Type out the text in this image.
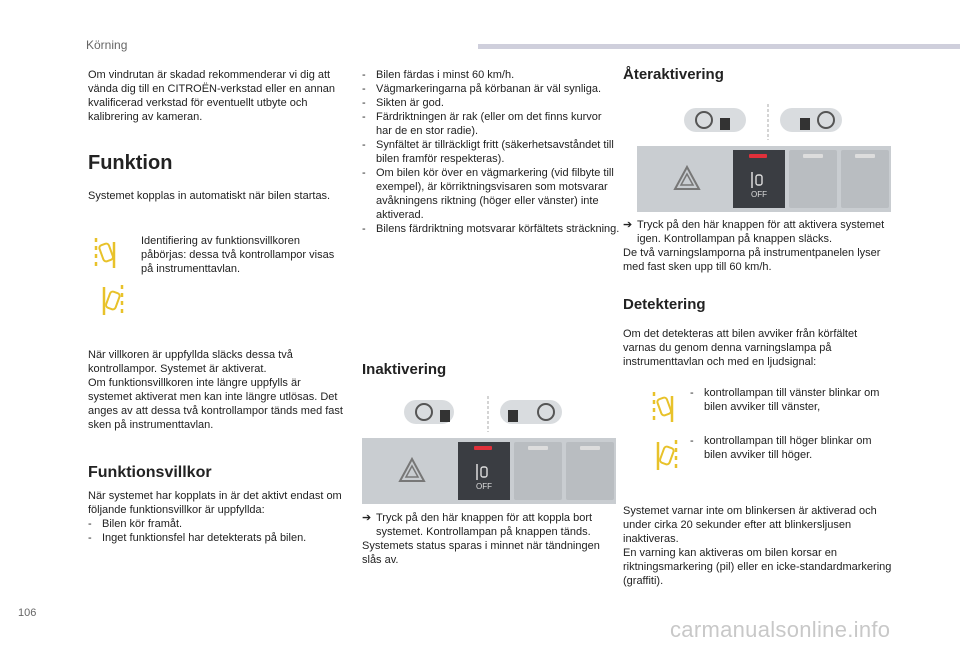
Körning

Om vindrutan är skadad rekommenderar vi dig att vända dig till en CITROËN-verkstad eller en annan kvalificerad verkstad för eventuellt utbyte och kalibrering av kameran.

Funktion

Systemet kopplas in automatiskt när bilen startas.

Identifiering av funktionsvillkoren påbörjas: dessa två kontrollampor visas på instrumenttavlan.

När villkoren är uppfyllda släcks dessa två kontrollampor. Systemet är aktiverat.
Om funktionsvillkoren inte längre uppfylls är systemet aktiverat men kan inte längre utlösas. Det anges av att dessa två kontrollampor tänds med fast sken på instrumenttavlan.

Funktionsvillkor

När systemet har kopplats in är det aktivt endast om följande funktionsvillkor är uppfyllda:

- Bilen kör framåt.
- Inget funktionsfel har detekterats på bilen.
- Bilen färdas i minst 60 km/h.
- Vägmarkeringarna på körbanan är väl synliga.
- Sikten är god.
- Färdriktningen är rak (eller om det finns kurvor har de en stor radie).
- Synfältet är tillräckligt fritt (säkerhetsavståndet till bilen framför respekteras).
- Om bilen kör över en vägmarkering (vid filbyte till exempel), är körriktningsvisaren som motsvarar avåkningens riktning (höger eller vänster) inte aktiverad.
- Bilens färdriktning motsvarar körfältets sträckning.
Inaktivering
OFF
➔ Tryck på den här knappen för att koppla bort systemet. Kontrollampan på knappen tänds.

Systemets status sparas i minnet när tändningen slås av.

Återaktivering
OFF
➔ Tryck på den här knappen för att aktivera systemet igen. Kontrollampan på knappen släcks.

De två varningslamporna på instrumentpanelen lyser med fast sken upp till 60 km/h.

Detektering

Om det detekteras att bilen avviker från körfältet varnas du genom denna varningslampa på instrumenttavlan och med en ljudsignal:

- kontrollampan till vänster blinkar om bilen avviker till vänster,
- kontrollampan till höger blinkar om bilen avviker till höger.

Systemet varnar inte om blinkersen är aktiverad och under cirka 20 sekunder efter att blinkersljusen inaktiveras.
En varning kan aktiveras om bilen korsar en riktningsmarkering (pil) eller en icke-standardmarkering (graffiti).

106
carmanualsonline.info
